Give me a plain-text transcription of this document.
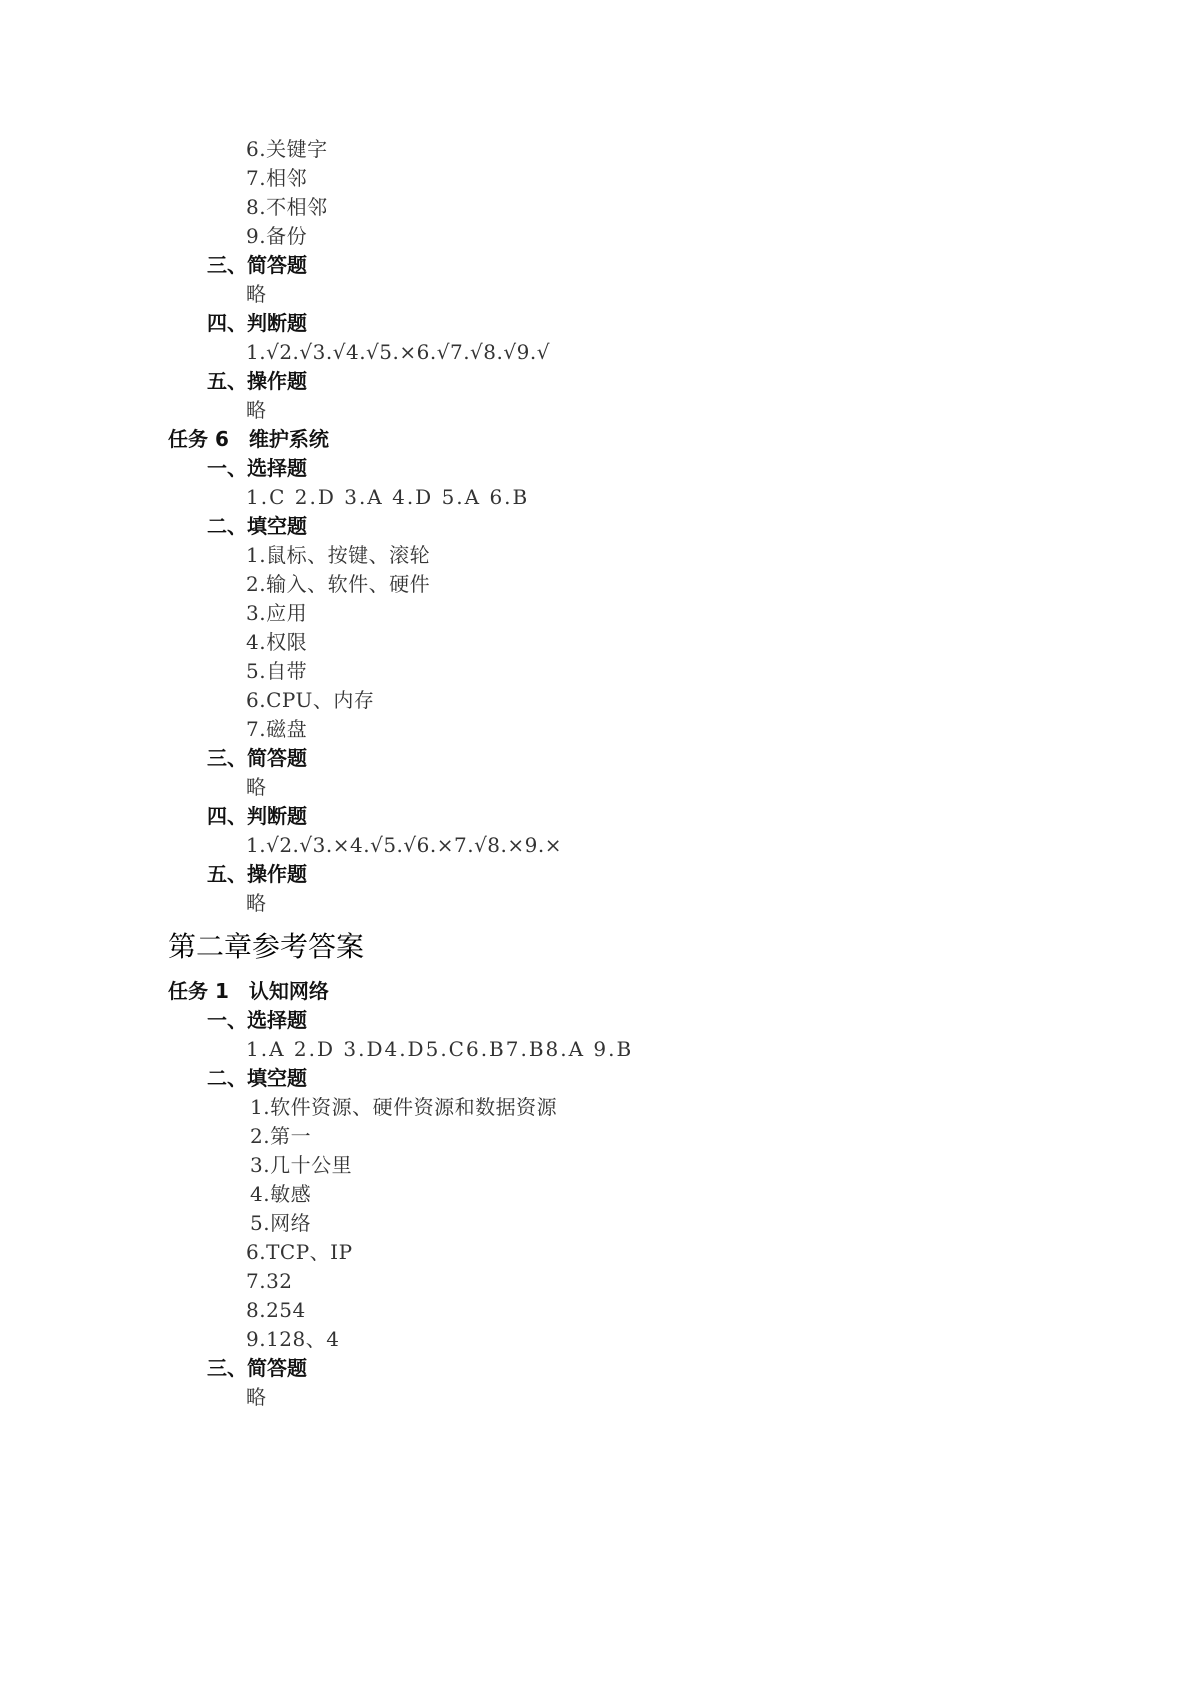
6.关键字
7.相邻
8.不相邻
9.备份
三、简答题
略
四、判断题
1.√2.√3.√4.√5.×6.√7.√8.√9.√
五、操作题
略
任务 6　维护系统
一、选择题
1.C 2.D 3.A 4.D 5.A 6.B
二、填空题
1.鼠标、按键、滚轮
2.输入、软件、硬件
3.应用
4.权限
5.自带
6.CPU、内存
7.磁盘
三、简答题
略
四、判断题
1.√2.√3.×4.√5.√6.×7.√8.×9.×
五、操作题
略
第二章参考答案
任务 1　认知网络
一、选择题
1.A 2.D 3.D4.D5.C6.B7.B8.A 9.B
二、填空题
1.软件资源、硬件资源和数据资源
2.第一
3.几十公里
4.敏感
5.网络
6.TCP、IP
7.32
8.254
9.128、4
三、简答题
略
